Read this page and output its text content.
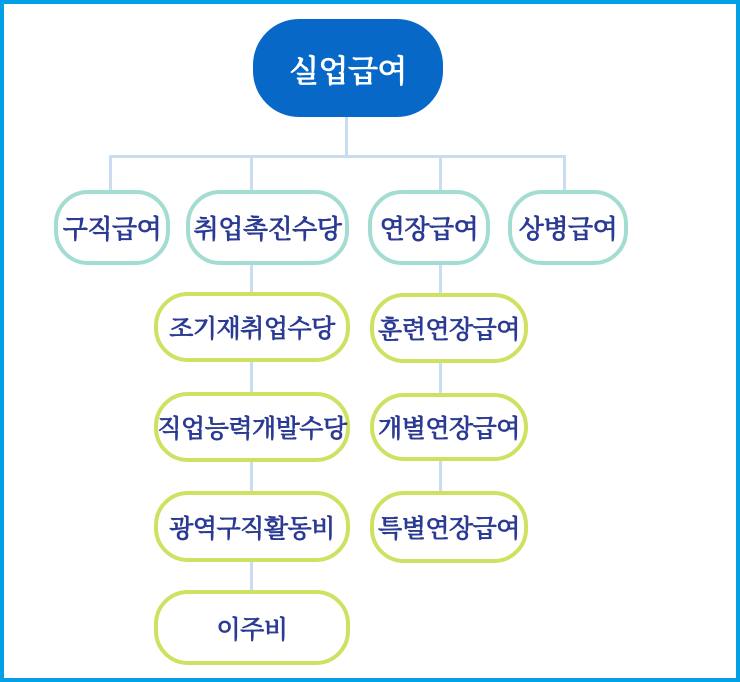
실업급여
구직급여 취업촉진수당 연장급여 상병급여
조기재취업수당
직업능력개발수당
광역구직활동비
이주비
훈련연장급여
개별연장급여
특별연장급여
